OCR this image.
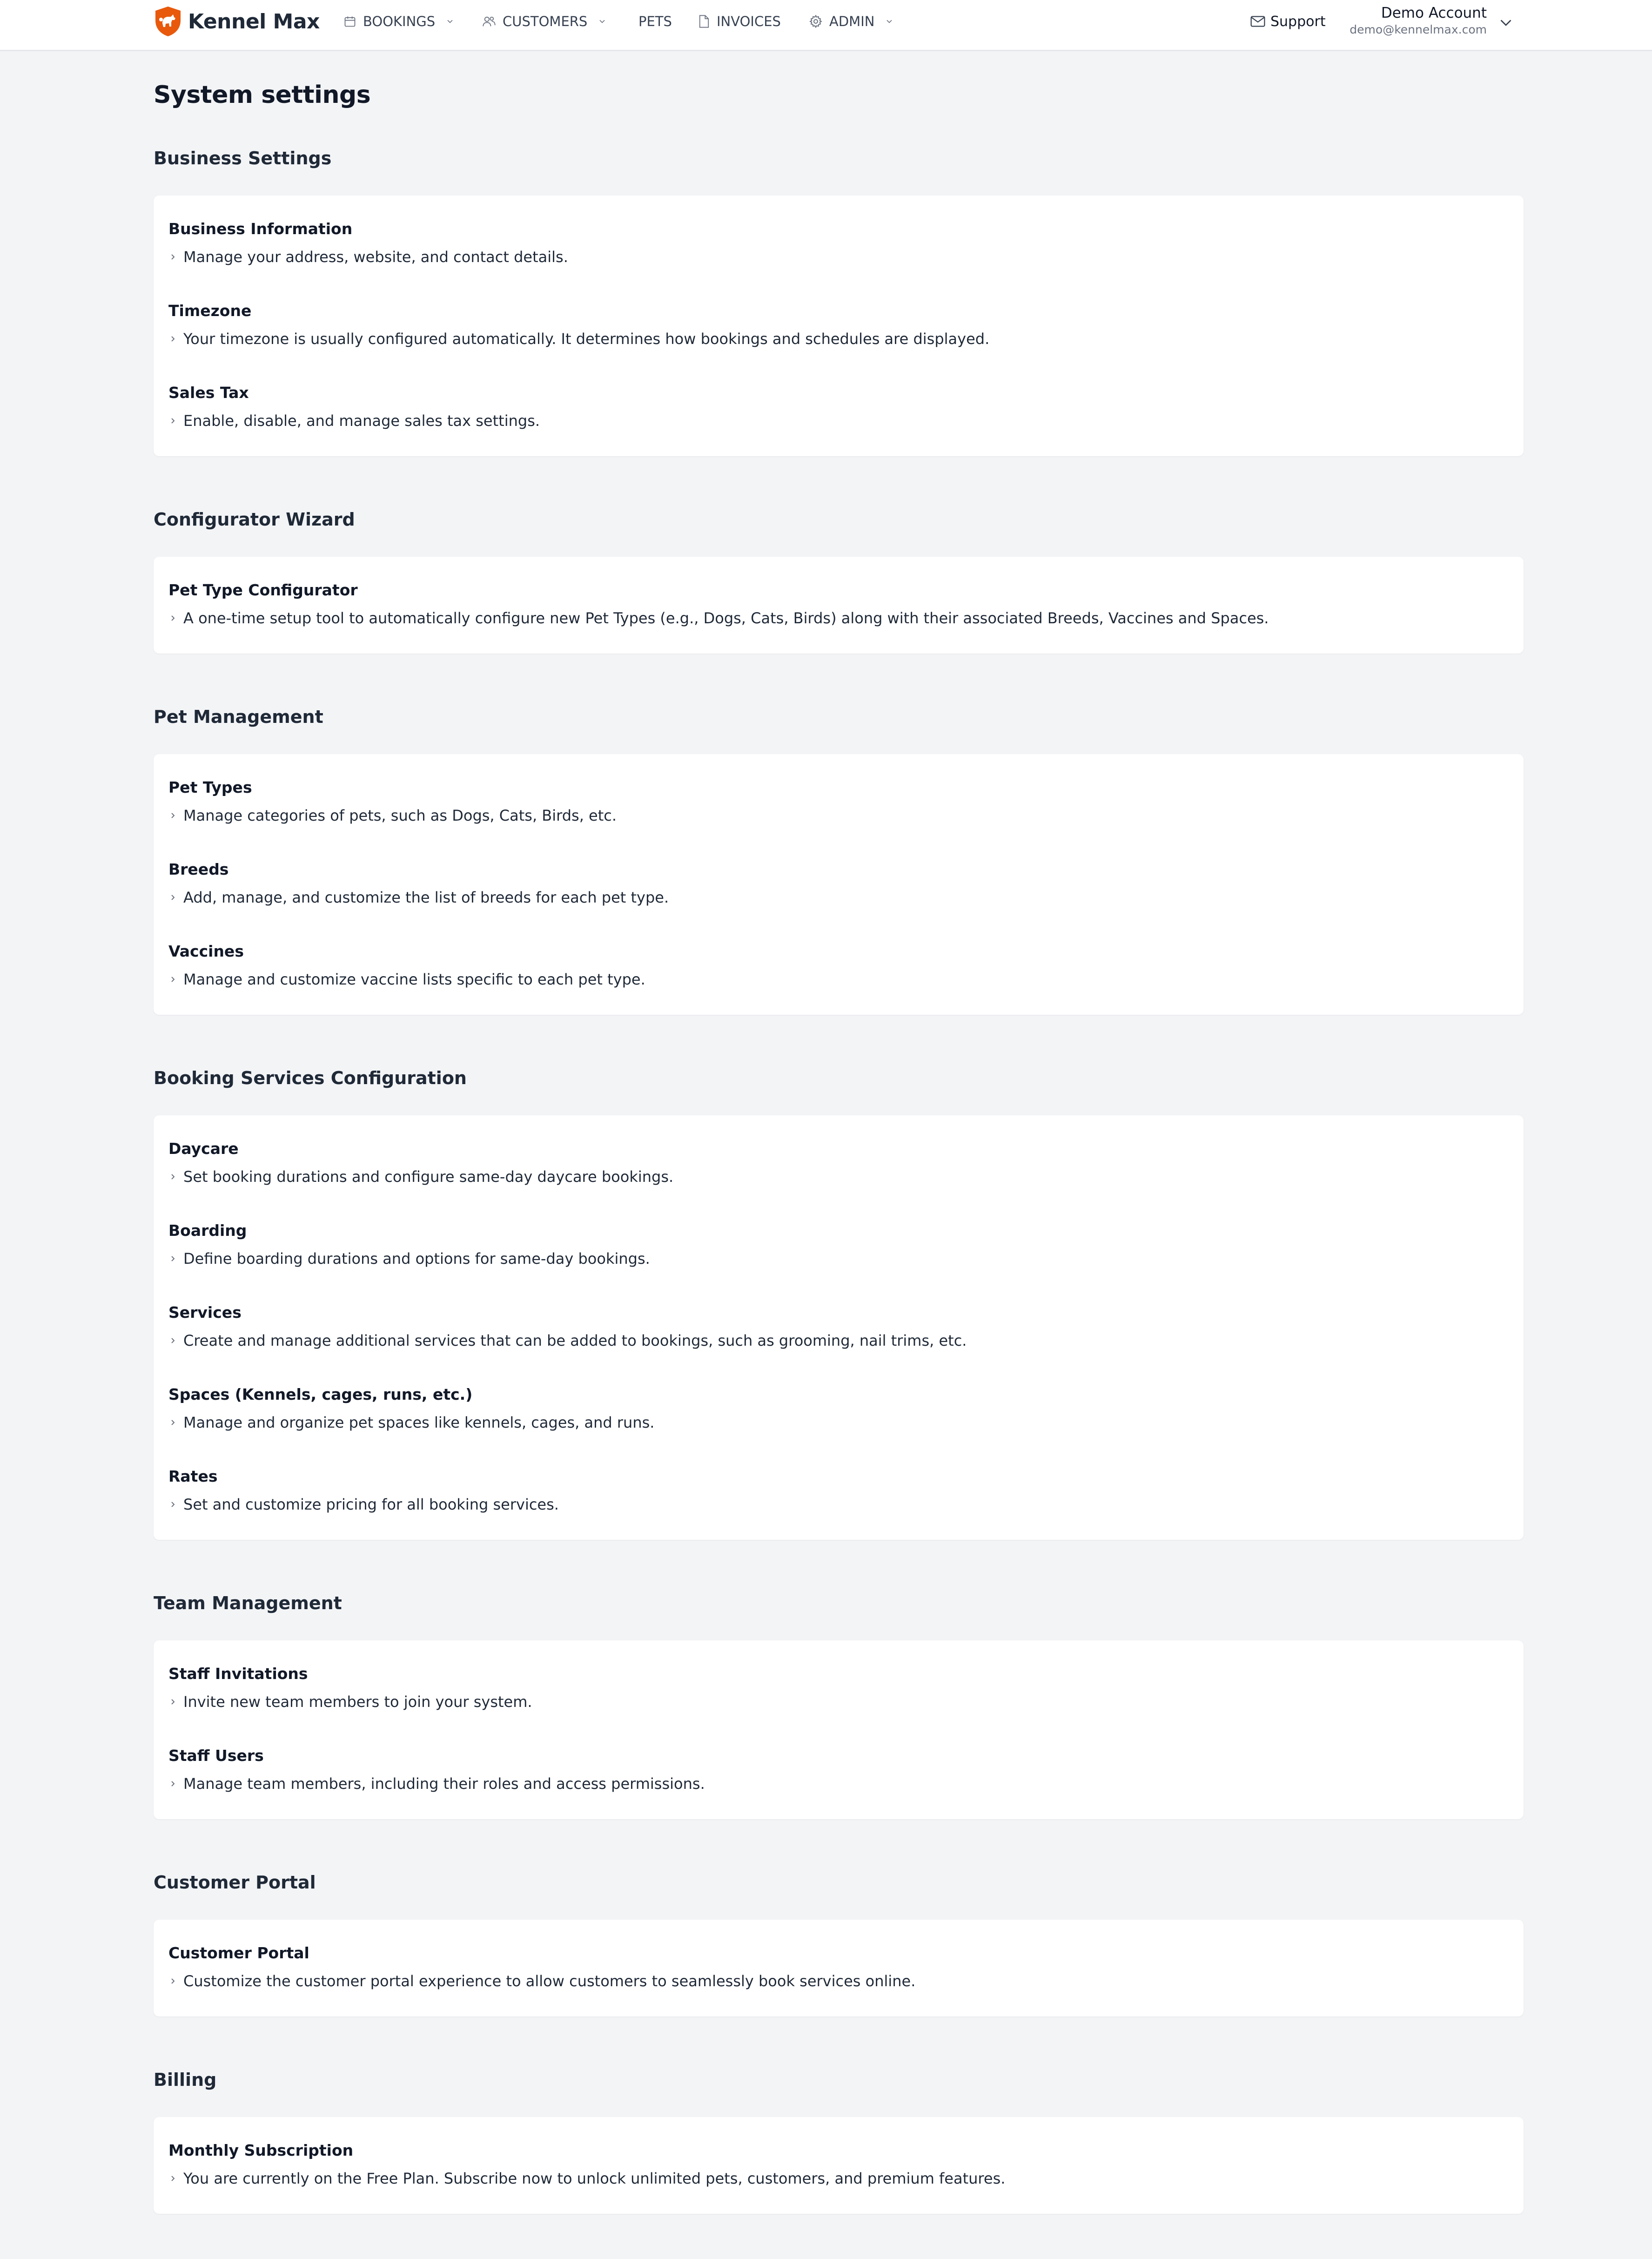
Kennel Max	BOOKINGS	CUSTOMERS	PETS	INVOICES	ADMIN	Support	Demo Account
demo@kennelmax.com
System settings
Business Settings
Business Information
Manage your address, website, and contact details.
Timezone
Your timezone is usually configured automatically. It determines how bookings and schedules are displayed.
Sales Tax
Enable, disable, and manage sales tax settings.
Configurator Wizard
Pet Type Configurator
A one-time setup tool to automatically configure new Pet Types (e.g., Dogs, Cats, Birds) along with their associated Breeds, Vaccines and Spaces.
Pet Management
Pet Types
Manage categories of pets, such as Dogs, Cats, Birds, etc.
Breeds
Add, manage, and customize the list of breeds for each pet type.
Vaccines
Manage and customize vaccine lists specific to each pet type.
Booking Services Configuration
Daycare
Set booking durations and configure same-day daycare bookings.
Boarding
Define boarding durations and options for same-day bookings.
Services
Create and manage additional services that can be added to bookings, such as grooming, nail trims, etc.
Spaces (Kennels, cages, runs, etc.)
Manage and organize pet spaces like kennels, cages, and runs.
Rates
Set and customize pricing for all booking services.
Team Management
Staff Invitations
Invite new team members to join your system.
Staff Users
Manage team members, including their roles and access permissions.
Customer Portal
Customer Portal
Customize the customer portal experience to allow customers to seamlessly book services online.
Billing
Monthly Subscription
You are currently on the Free Plan. Subscribe now to unlock unlimited pets, customers, and premium features.
